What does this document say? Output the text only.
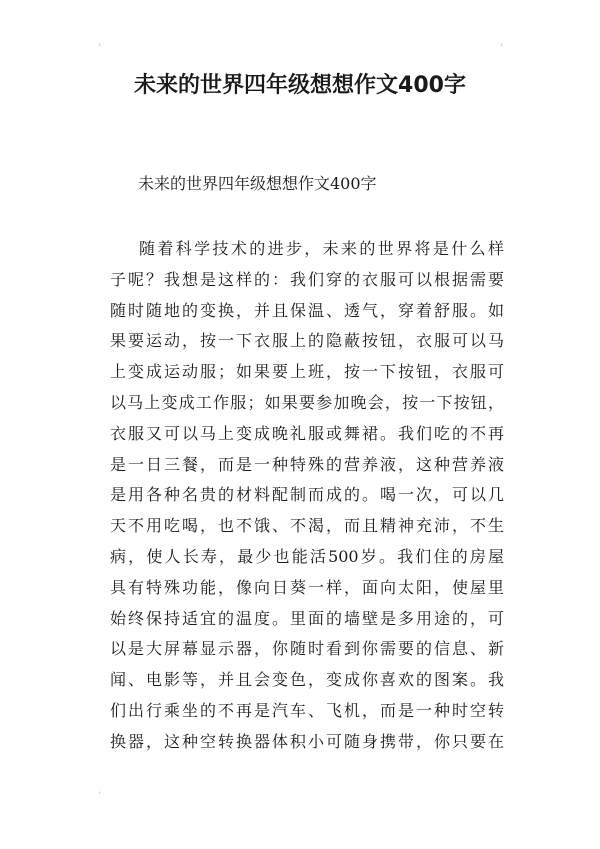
,	,
,
未来的世界四年级想想作文400字

未来的世界四年级想想作文400字

随着科学技术的进步，未来的世界将是什么样
子呢？我想是这样的：我们穿的衣服可以根据需要
随时随地的变换，并且保温、透气，穿着舒服。如
果要运动，按一下衣服上的隐蔽按钮，衣服可以马
上变成运动服；如果要上班，按一下按钮，衣服可
以马上变成工作服；如果要参加晚会，按一下按钮，
衣服又可以马上变成晚礼服或舞裙。我们吃的不再
是一日三餐，而是一种特殊的营养液，这种营养液
是用各种名贵的材料配制而成的。喝一次，可以几
天不用吃喝，也不饿、不渴，而且精神充沛，不生
病，使人长寿，最少也能活500岁。我们住的房屋
具有特殊功能，像向日葵一样，面向太阳，使屋里
始终保持适宜的温度。里面的墙壁是多用途的，可
以是大屏幕显示器，你随时看到你需要的信息、新
闻、电影等，并且会变色，变成你喜欢的图案。我
们出行乘坐的不再是汽车、飞机，而是一种时空转
换器，这种空转换器体积小可随身携带，你只要在
